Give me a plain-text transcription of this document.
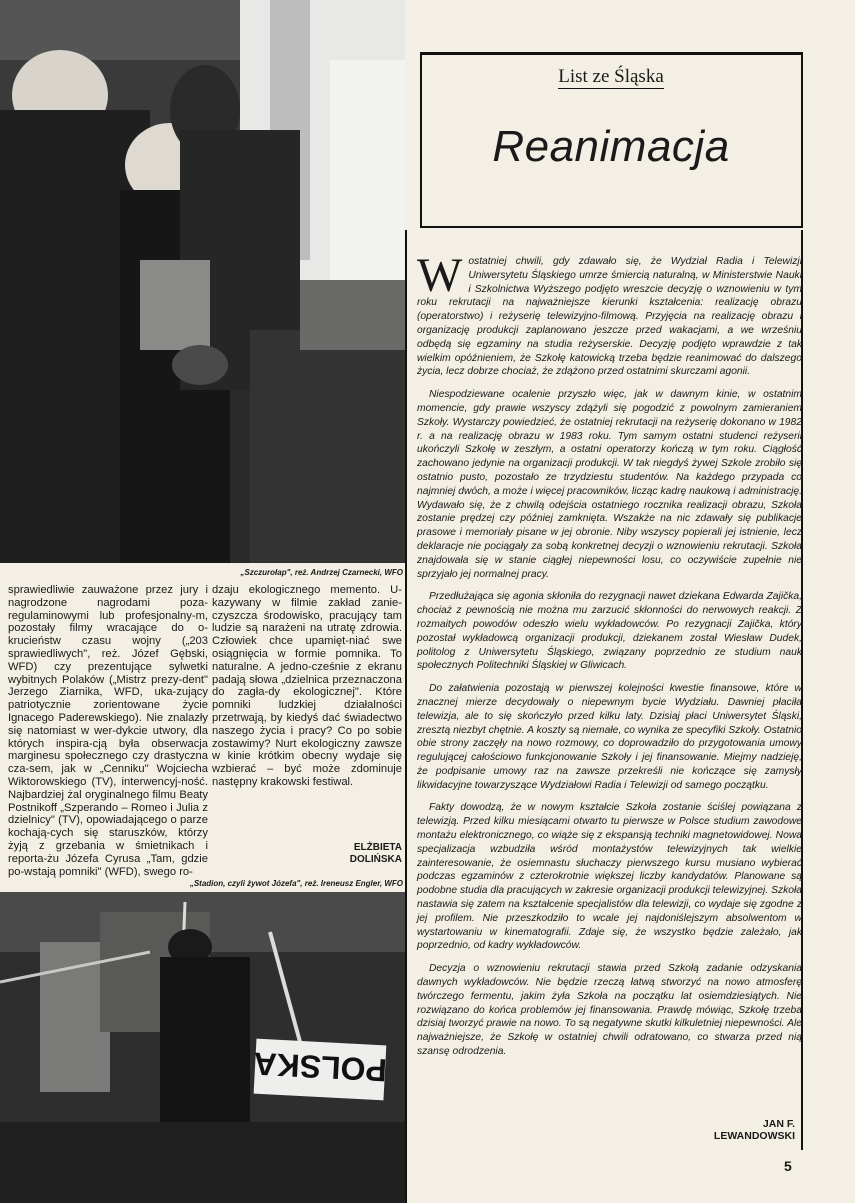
„Szczurołap", reż. Andrzej Czarnecki, WFO
sprawiedliwie zauważone przez jury i nagrodzone nagrodami poza-regulaminowymi lub profesjonalny-m, pozostały filmy wracające do o-krucieństw czasu wojny („203 sprawiedliwych", reż. Józef Gębski, WFD) czy prezentujące sylwetki wybitnych Polaków („Mistrz prezy-dent" Jerzego Ziarnika, WFD, uka-zujący patriotycznie zorientowane życie Ignacego Paderewskiego). Nie znalazły się natomiast w wer-dykcie utwory, dla których inspira-cją była obserwacja marginesu społecznego czy drastyczna cza-sem, jak w „Cenniku" Wojciecha Wiktorowskiego (TV), interwencyj-ność. Najbardziej żal oryginalnego filmu Beaty Postnikoff „Szperando – Romeo i Julia z dzielnicy" (TV), opowiadającego o parze kochają-cych się staruszków, którzy żyją z grzebania w śmietnikach i reporta-żu Józefa Cyrusa „Tam, gdzie po-wstają pomniki" (WFD), swego ro-
dzaju ekologicznego memento. U-kazywany w filmie zakład zanie-czyszcza środowisko, pracujący tam ludzie są narażeni na utratę zdrowia. Człowiek chce upamięt-niać swe osiągnięcia w formie pomnika. To naturalne. A jedno-cześnie z ekranu padają słowa „dzielnica przeznaczona do zagła-dy ekologicznej". Które pomniki ludzkiej działalności przetrwają, by kiedyś dać świadectwo naszego życia i pracy? Co po sobie zostawimy? Nurt ekologiczny zawsze w kinie krótkim obecny wydaje się wzbierać – być może zdominuje następny krakowski festiwal.
ELŻBIETA
DOLIŃSKA
„Stadion, czyli żywot Józefa", reż. Ireneusz Engler, WFO
POLSKA
List ze Śląska
Reanimacja

Wostatniej chwili, gdy zdawało się, że Wydział Radia i Telewizji Uniwersytetu Śląskiego umrze śmiercią naturalną, w Ministerstwie Nauki i Szkolnictwa Wyższego podjęto wreszcie decyzję o wznowieniu w tym roku rekrutacji na najważniejsze kierunki kształcenia: realizację obrazu (operatorstwo) i reżyserię telewizyjno-filmową. Przyjęcia na realizację obrazu i organizację produkcji zaplanowano jeszcze przed wakacjami, a we wrześniu odbędą się egzaminy na studia reżyserskie. Decyzję podjęto wprawdzie z tak wielkim opóźnieniem, że Szkołę katowicką trzeba będzie reanimować do dalszego życia, lecz dobrze chociaż, że zdążono przed ostatnimi skurczami agonii.

Niespodziewane ocalenie przyszło więc, jak w dawnym kinie, w ostatnim momencie, gdy prawie wszyscy zdążyli się pogodzić z powolnym zamieraniem Szkoły. Wystarczy powiedzieć, że ostatniej rekrutacji na reżyserię dokonano w 1982 r. a na realizację obrazu w 1983 roku. Tym samym ostatni studenci reżyserii ukończyli Szkołę w zeszłym, a ostatni operatorzy kończą w tym roku. Ciągłość zachowano jedynie na organizacji produkcji. W tak niegdyś żywej Szkole zrobiło się ostatnio pusto, pozostało ze trzydziestu studentów. Na każdego przypada co najmniej dwóch, a może i więcej pracowników, licząc kadrę naukową i administrację. Wydawało się, że z chwilą odejścia ostatniego rocznika realizacji obrazu, Szkoła zostanie prędzej czy później zamknięta. Wszakże na nic zdawały się publikacje prasowe i memoriały pisane w jej obronie. Niby wszyscy popierali jej istnienie, lecz deklaracje nie pociągały za sobą konkretnej decyzji o wznowieniu rekrutacji. Szkoła znajdowała się w stanie ciągłej niepewności losu, co oczywiście zupełnie nie sprzyjało jej normalnej pracy.

Przedłużająca się agonia skłoniła do rezygnacji nawet dziekana Edwarda Zajička, chociaż z pewnością nie można mu zarzucić skłonności do nerwowych reakcji. Z rozmaitych powodów odeszło wielu wykładowców. Po rezygnacji Zajička, który pozostał wykładowcą organizacji produkcji, dziekanem został Wiesław Dudek, politolog z Uniwersytetu Śląskiego, związany poprzednio ze studium nauk społecznych Politechniki Śląskiej w Gliwicach.

Do załatwienia pozostają w pierwszej kolejności kwestie finansowe, które w znacznej mierze decydowały o niepewnym bycie Wydziału. Dawniej płaciła telewizja, ale to się skończyło przed kilku laty. Dzisiaj płaci Uniwersytet Śląski, zresztą niezbyt chętnie. A koszty są niemałe, co wynika ze specyfiki Szkoły. Ostatnio obie strony zaczęły na nowo rozmowy, co doprowadziło do przygotowania umowy regulującej całościowo funkcjonowanie Szkoły i jej finansowanie. Miejmy nadzieję, że podpisanie umowy raz na zawsze przekreśli nie kończące się zamysły likwidacyjne towarzyszące Wydziałowi Radia i Telewizji od samego początku.

Fakty dowodzą, że w nowym kształcie Szkoła zostanie ściślej powiązana z telewizją. Przed kilku miesiącami otwarto tu pierwsze w Polsce studium zawodowe montażu elektronicznego, co wiąże się z ekspansją techniki magnetowidowej. Nowa specjalizacja wzbudziła wśród montażystów telewizyjnych tak wielkie zainteresowanie, że osiemnastu słuchaczy pierwszego kursu musiano wybierać podczas egzaminów z czterokrotnie większej liczby kandydatów. Planowane są podobne studia dla pracujących w zakresie organizacji produkcji telewizyjnej. Szkoła nastawia się zatem na kształcenie specjalistów dla telewizji, co wydaje się zgodne z jej profilem. Nie przeszkodziło to wcale jej najdoniślejszym absolwentom w wystartowaniu w kinematografii. Zdaje się, że wszystko będzie zależało, jak poprzednio, od kadry wykładowców.

Decyzja o wznowieniu rekrutacji stawia przed Szkołą zadanie odzyskania dawnych wykładowców. Nie będzie rzeczą łatwą stworzyć na nowo atmosferę twórczego fermentu, jakim żyła Szkoła na początku lat osiemdziesiątych. Nie rozwiązano do końca problemów jej finansowania. Prawdę mówiąc, Szkołę trzeba dzisiaj tworzyć prawie na nowo. To są negatywne skutki kilkuletniej niepewności. Ale najważniejsze, że Szkołę w ostatniej chwili odratowano, co stwarza przed nią szansę odrodzenia.

JAN F.
LEWANDOWSKI
5
